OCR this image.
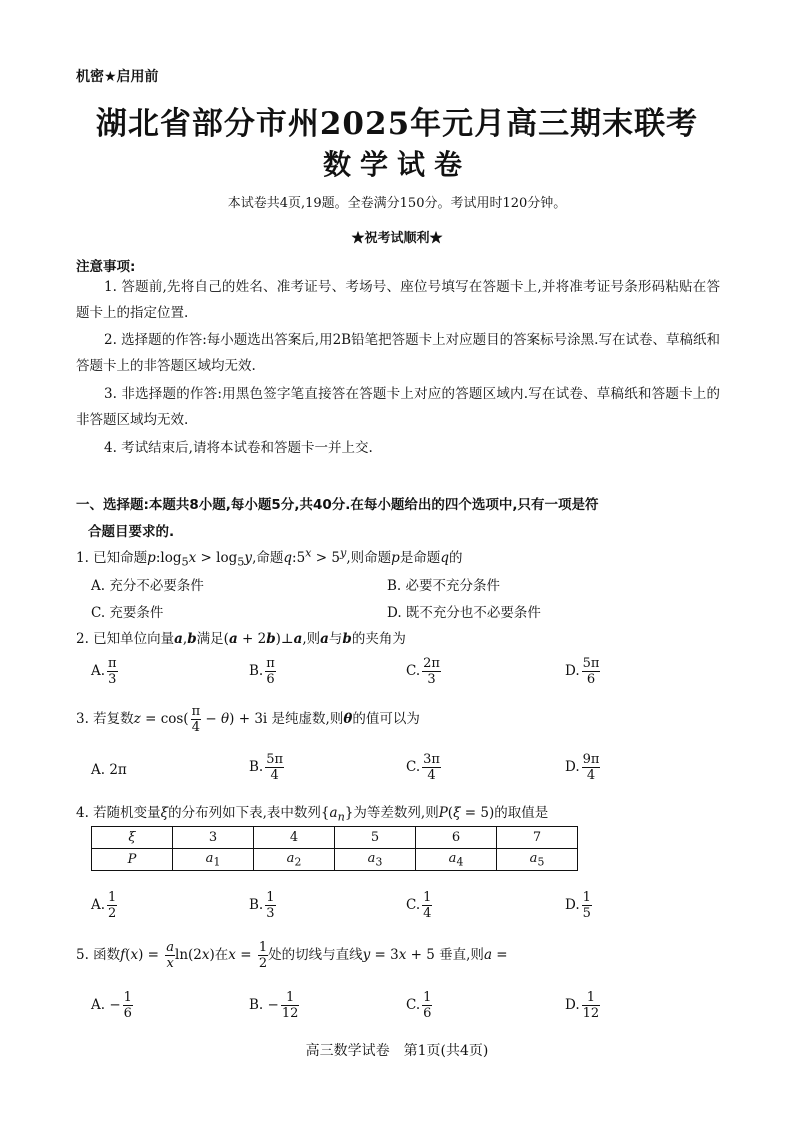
机密★启用前
湖北省部分市州2025年元月高三期末联考
数学试卷
本试卷共4页,19题。全卷满分150分。考试用时120分钟。
★祝考试顺利★
注意事项:
1. 答题前,先将自己的姓名、准考证号、考场号、座位号填写在答题卡上,并将准考证号条形码粘贴在答题卡上的指定位置.
2. 选择题的作答:每小题选出答案后,用2B铅笔把答题卡上对应题目的答案标号涂黑.写在试卷、草稿纸和答题卡上的非答题区域均无效.
3. 非选择题的作答:用黑色签字笔直接答在答题卡上对应的答题区域内.写在试卷、草稿纸和答题卡上的非答题区域均无效.
4. 考试结束后,请将本试卷和答题卡一并上交.
一、选择题:本题共8小题,每小题5分,共40分.在每小题给出的四个选项中,只有一项是符
合题目要求的.
1. 已知命题$p:\log_5x > \log_5y$,命题$q:5^x > 5^y$,则命题p是命题q的
A. 充分不必要条件	B. 必要不充分条件
C. 充要条件	D. 既不充分也不必要条件
2. 已知单位向量a,b满足(a + 2b)⊥a,则a与b的夹角为
A. $\frac{\pi}{3}$	B. $\frac{\pi}{6}$	C. $\frac{2\pi}{3}$	D. $\frac{5\pi}{6}$
3. 若复数$z = \cos( \frac{\pi}{4} - \theta) + 3i$ 是纯虚数,则θ的值可以为
A. 2π	B. $\frac{5\pi}{4}$	C. $\frac{3\pi}{4}$	D. $\frac{9\pi}{4}$
4. 若随机变量ξ的分布列如下表,表中数列$\{a_n\}$为等差数列,则P(ξ = 5)的取值是
ξ	3	4	5	6	7
P	$a_1$	$a_2$	$a_3$	$a_4$	$a_5$
A. $\frac{1}{2}$	B. $\frac{1}{3}$	C. $\frac{1}{4}$	D. $\frac{1}{5}$
5. 函数$f(x) = \frac{a}{x} \ln(2x)$在$x = \frac{1}{2}$ 处的切线与直线y = 3x + 5 垂直,则a =
A. − $\frac{1}{6}$	B. − $\frac{1}{12}$	C. $\frac{1}{6}$	D. $\frac{1}{12}$
高三数学试卷　第1页(共4页)
